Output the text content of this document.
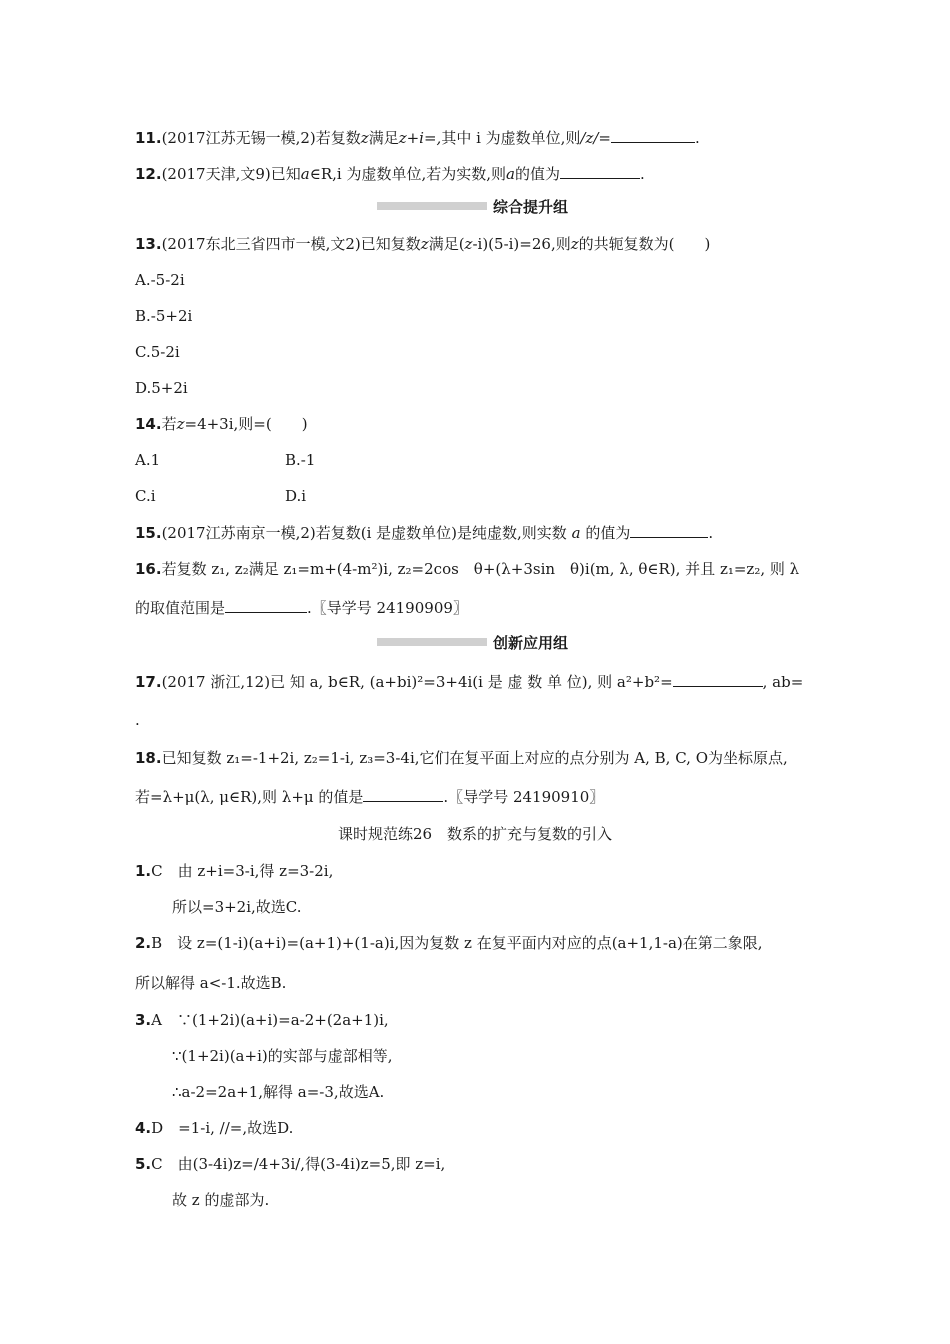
11.(2017江苏无锡一模,2)若复数z满足z+i=,其中 i 为虚数单位,则/z/=	.
12.(2017天津,文9)已知a∈R,i 为虚数单位,若为实数,则a的值为	.
综合提升组
13.(2017东北三省四市一模,文2)已知复数z满足(z-i)(5-i)=26,则z的共轭复数为(　　)
A.-5-2i
B.-5+2i
C.5-2i
D.5+2i
14.若z=4+3i,则=(　　)
A.1	B.-1
C.i	D.i
15.(2017江苏南京一模,2)若复数(i 是虚数单位)是纯虚数,则实数 a 的值为	.
16.若复数 z₁, z₂满足 z₁=m+(4-m²)i, z₂=2cos　θ+(λ+3sin　θ)i(m, λ, θ∈R), 并且 z₁=z₂, 则 λ
的取值范围是	.〖导学号 24190909〗
创新应用组
17.(2017 浙江,12)已 知 a, b∈R, (a+bi)²=3+4i(i 是 虚 数 单 位), 则 a²+b²=	, ab=
.
18.已知复数 z₁=-1+2i, z₂=1-i, z₃=3-4i,它们在复平面上对应的点分别为 A, B, C, O为坐标原点,
若=λ+μ(λ, μ∈R),则 λ+μ 的值是	.〖导学号 24190910〗
课时规范练26　数系的扩充与复数的引入
1.C　由 z+i=3-i,得 z=3-2i,
所以=3+2i,故选C.
2.B　设 z=(1-i)(a+i)=(a+1)+(1-a)i,因为复数 z 在复平面内对应的点(a+1,1-a)在第二象限,
所以解得 a<-1.故选B.
3.A　∵(1+2i)(a+i)=a-2+(2a+1)i,
∵(1+2i)(a+i)的实部与虚部相等,
∴a-2=2a+1,解得 a=-3,故选A.
4.D　=1-i, //=,故选D.
5.C　由(3-4i)z=/4+3i/,得(3-4i)z=5,即 z=i,
故 z 的虚部为.
